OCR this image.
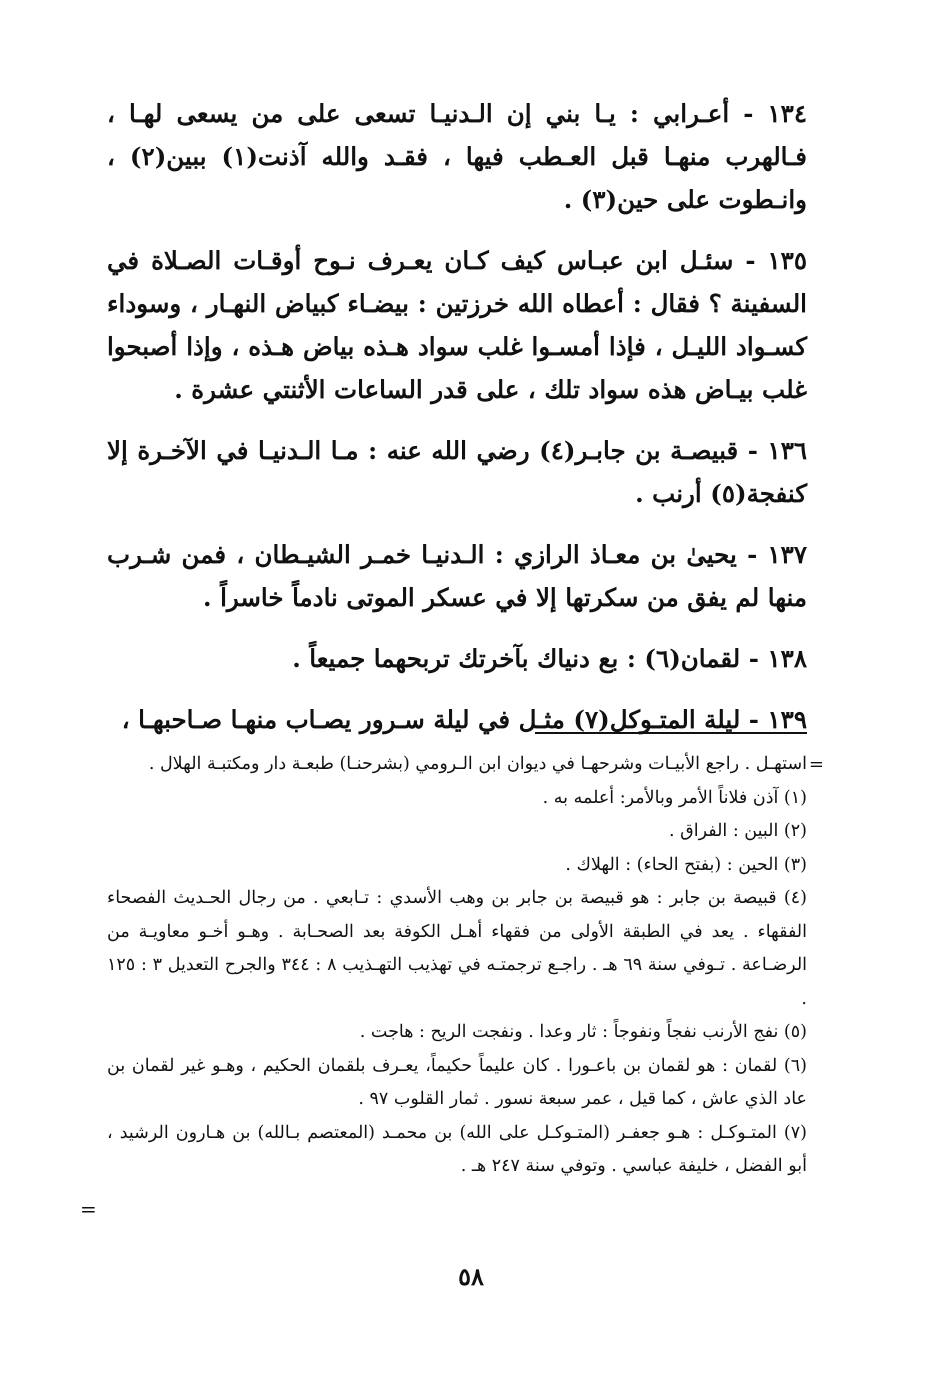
١٣٤ - أعـرابي : يـا بني إن الـدنيـا تسعى على من يسعى لهـا ، فـالهرب منهـا قبل العـطب فيها ، فقـد والله آذنت(١) ببين(٢) ، وانـطوت على حين(٣) .

١٣٥ - سئـل ابن عبـاس كيف كـان يعـرف نـوح أوقـات الصـلاة في السفينة ؟ فقال : أعطاه الله خرزتين : بيضـاء كبياض النهـار ، وسوداء كسـواد الليـل ، فإذا أمسـوا غلب سواد هـذه بياض هـذه ، وإذا أصبحوا غلب بيـاض هذه سواد تلك ، على قدر الساعات الأثنتي عشرة .

١٣٦ - قبيصـة بن جابـر(٤) رضي الله عنه : مـا الـدنيـا في الآخـرة إلا كنفجة(٥) أرنب .

١٣٧ - يحيىٰ بن معـاذ الرازي : الـدنيـا خمـر الشيـطان ، فمن شـرب منها لم يفق من سكرتها إلا في عسكر الموتى نادماً خاسراً .

١٣٨ - لقمان(٦) : بع دنياك بآخرتك تربحهما جميعاً .

١٣٩ - ليلة المتـوكل(٧) مثـل في ليلة سـرور يصـاب منهـا صـاحبهـا ،

=

استهـل . راجع الأبيـات وشرحهـا في ديوان ابن الـرومي (بشرحنـا) طبعـة دار ومكتبـة الهلال .

(١) آذن فلاناً الأمر وبالأمر: أعلمه به .

(٢) البين : الفراق .

(٣) الحين : (بفتح الحاء) : الهلاك .

(٤) قبيصة بن جابر : هو قبيصة بن جابر بن وهب الأسدي : تـابعي . من رجال الحـديث الفصحاء الفقهاء . يعد في الطبقة الأولى من فقهاء أهـل الكوفة بعد الصحـابة . وهـو أخـو معاويـة من الرضـاعة . تـوفي سنة ٦٩ هـ . راجـع ترجمتـه في تهذيب التهـذيب ٨ : ٣٤٤ والجرح التعديل ٣ : ١٢٥ .

(٥) نفج الأرنب نفجاً ونفوجاً : ثار وعدا . ونفجت الريح : هاجت .

(٦) لقمان : هو لقمان بن باعـورا . كان عليماً حكيماً، يعـرف بلقمان الحكيم ، وهـو غير لقمان بن عاد الذي عاش ، كما قيل ، عمر سبعة نسور . ثمار القلوب ٩٧ .

(٧) المتـوكـل : هـو جعفـر (المتـوكـل على الله) بن محمـد (المعتصم بـالله) بن هـارون الرشيد ، أبو الفضل ، خليفة عباسي . وتوفي سنة ٢٤٧ هـ .

=
٥٨
